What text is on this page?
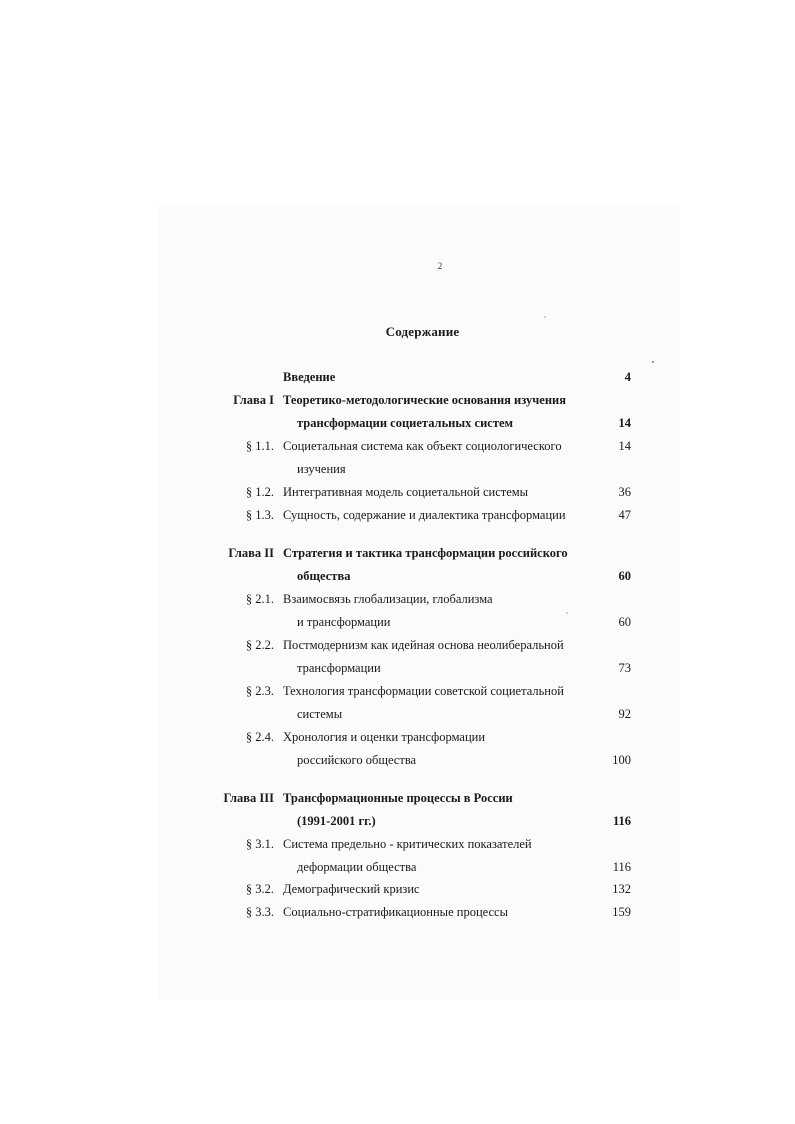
2
Содержание
Введение	4
Глава I Теоретико-методологические основания изучения
трансформации социетальных систем	14
§ 1.1. Социетальная система как объект социологического	14
изучения
§ 1.2. Интегративная модель социетальной системы	36
§ 1.3. Сущность, содержание и диалектика трансформации	47
Глава II Стратегия и тактика трансформации российского
общества	60
§ 2.1. Взаимосвязь глобализации, глобализма
и трансформации	60
§ 2.2. Постмодернизм как идейная основа неолиберальной
трансформации	73
§ 2.3. Технология трансформации советской социетальной
системы	92
§ 2.4. Хронология и оценки трансформации
российского общества	100
Глава III Трансформационные процессы в России
(1991-2001 гг.)	116
§ 3.1. Система предельно - критических показателей
деформации общества	116
§ 3.2. Демографический кризис	132
§ 3.3. Социально-стратификационные процессы	159
